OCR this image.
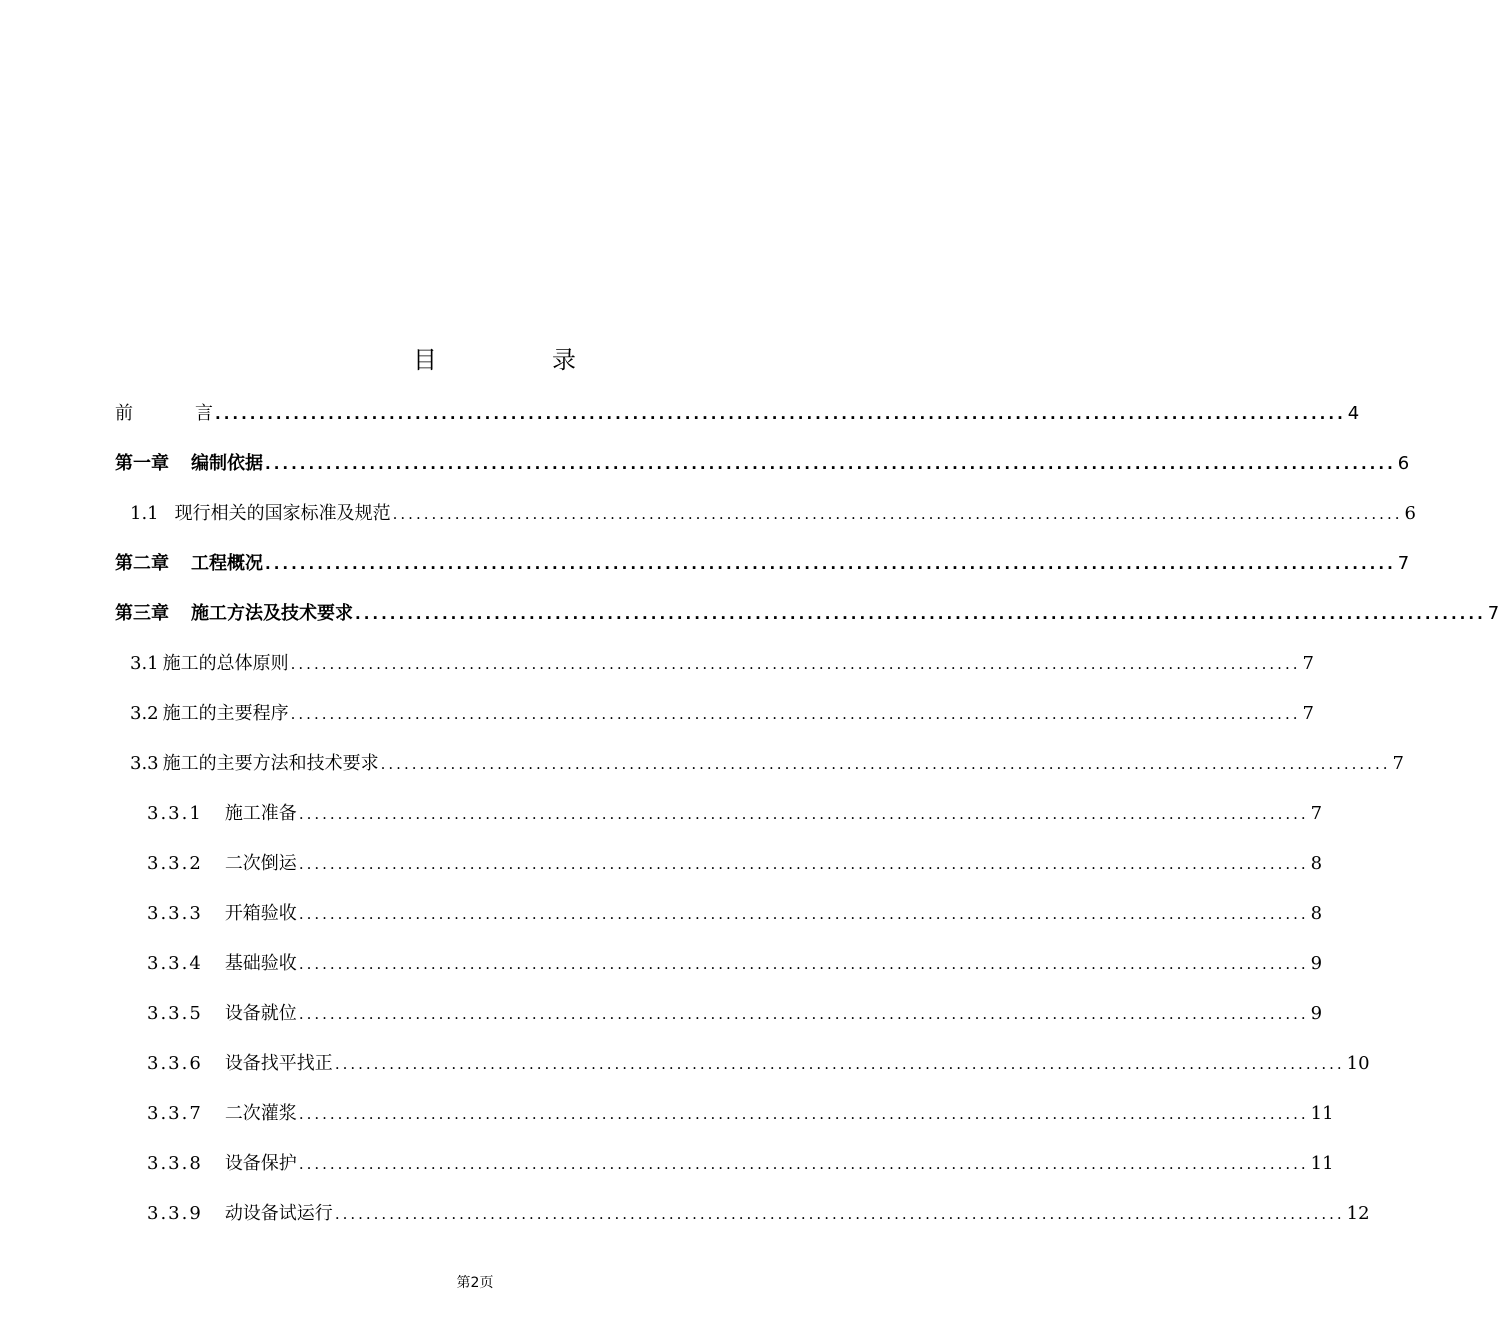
目	录
前	言 .................................................................................................................................. 4
第一章 编制依据 .................................................................................................................................. 6
1.1 现行相关的国家标准及规范 .................................................................................................................................. 6
第二章 工程概况 .................................................................................................................................. 7
第三章 施工方法及技术要求 .................................................................................................................................. 7
3.1 施工的总体原则 .................................................................................................................................. 7
3.2 施工的主要程序 .................................................................................................................................. 7
3.3 施工的主要方法和技术要求 .................................................................................................................................. 7
3.3.1 施工准备 .................................................................................................................................. 7
3.3.2 二次倒运 .................................................................................................................................. 8
3.3.3 开箱验收 .................................................................................................................................. 8
3.3.4 基础验收 .................................................................................................................................. 9
3.3.5 设备就位 .................................................................................................................................. 9
3.3.6 设备找平找正 .................................................................................................................................. 10
3.3.7 二次灌浆 .................................................................................................................................. 11
3.3.8 设备保护 .................................................................................................................................. 11
3.3.9 动设备试运行 .................................................................................................................................. 12
第2页
